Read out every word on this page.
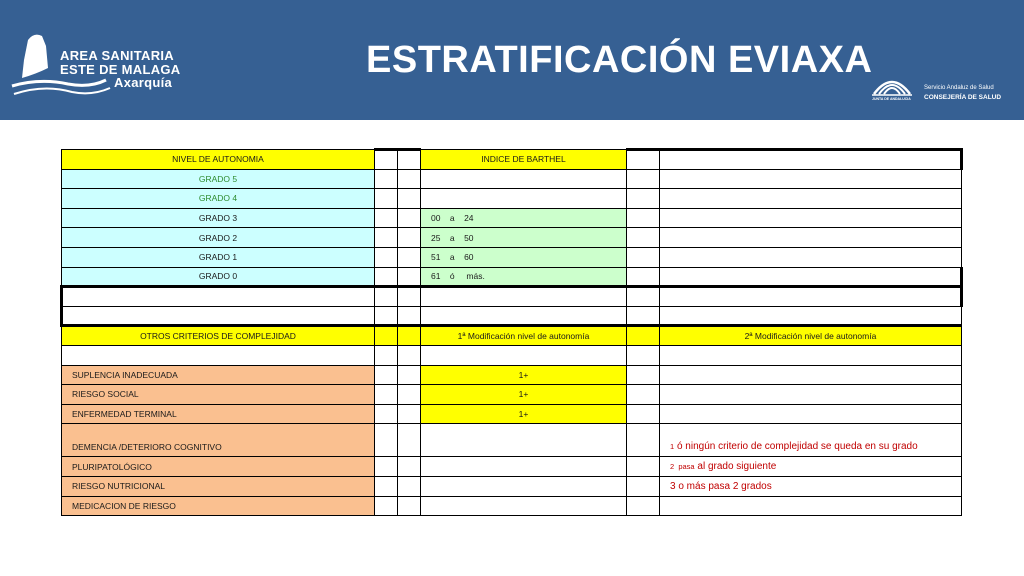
AREA SANITARIA
ESTE DE MALAGA

Axarquía
ESTRATIFICACIÓN EVIAXA
JUNTA DE ANDALUCIA
Servicio Andaluz de Salud
CONSEJERÍA DE SALUD
NIVEL DE AUTONOMIA			INDICE DE BARTHEL		
GRADO 5					
GRADO 4					
GRADO 3			00    a    24		
GRADO 2			25    a    50		
GRADO 1			51    a    60		
GRADO 0			61    ó     más.		

OTROS CRITERIOS DE COMPLEJIDAD			1ª Modificación nivel de autonomía		2ª Modificación nivel de autonomía

SUPLENCIA INADECUADA			1+		
RIESGO SOCIAL			1+		
ENFERMEDAD TERMINAL			1+		
DEMENCIA /DETERIORO COGNITIVO					1 ó ningún criterio de complejidad se queda en su grado
PLURIPATOLÓGICO					2  pasa al grado siguiente
RIESGO NUTRICIONAL					3 o más pasa 2 grados
MEDICACION DE RIESGO					
